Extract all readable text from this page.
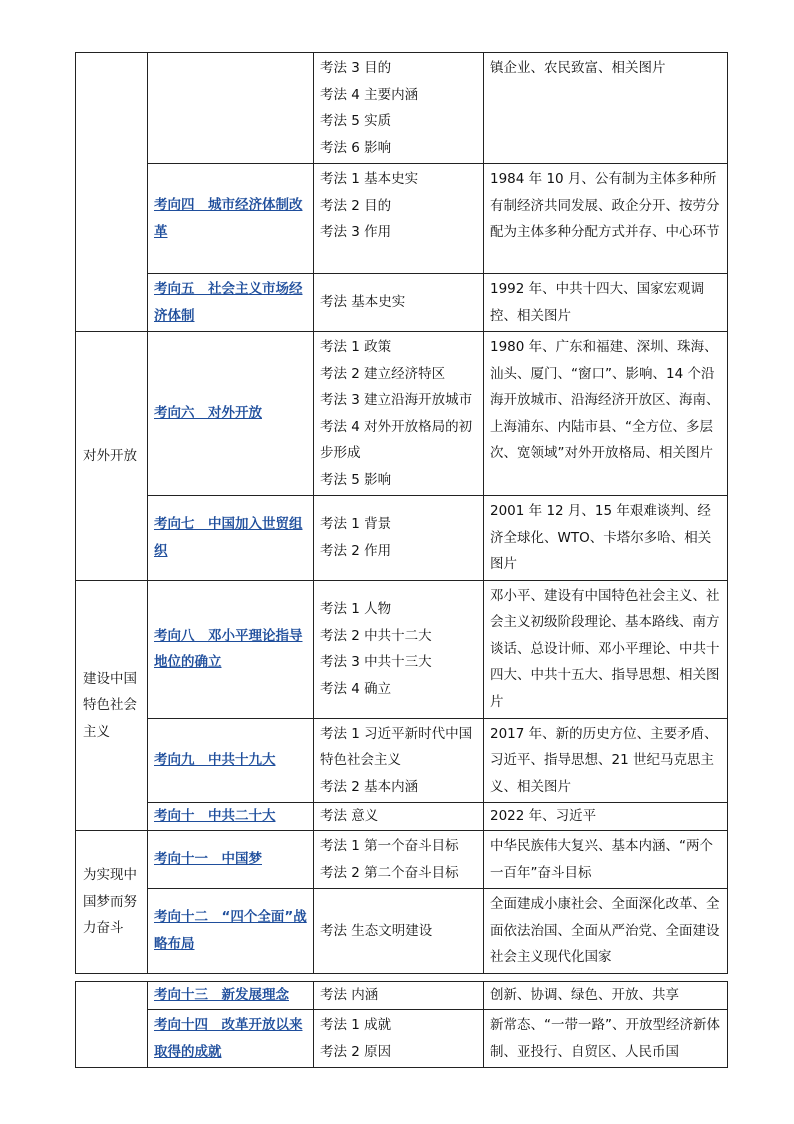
		考法 3 目的
考法 4 主要内涵
考法 5 实质
考法 6 影响	镇企业、农民致富、相关图片
	考向四　城市经济体制改革	考法 1 基本史实
考法 2 目的
考法 3 作用	1984 年 10 月、公有制为主体多种所有制经济共同发展、政企分开、按劳分配为主体多种分配方式并存、中心环节
	考向五　社会主义市场经济体制	考法 基本史实	1992 年、中共十四大、国家宏观调控、相关图片
对外开放	考向六　对外开放	考法 1 政策
考法 2 建立经济特区
考法 3 建立沿海开放城市
考法 4 对外开放格局的初步形成
考法 5 影响	1980 年、广东和福建、深圳、珠海、汕头、厦门、“窗口”、影响、14 个沿海开放城市、沿海经济开放区、海南、上海浦东、内陆市县、“全方位、多层次、宽领域”对外开放格局、相关图片
	考向七　中国加入世贸组织	考法 1 背景
考法 2 作用	2001 年 12 月、15 年艰难谈判、经济全球化、WTO、卡塔尔多哈、相关图片
建设中国特色社会主义	考向八　邓小平理论指导地位的确立	考法 1 人物
考法 2 中共十二大
考法 3 中共十三大
考法 4 确立	邓小平、建设有中国特色社会主义、社会主义初级阶段理论、基本路线、南方谈话、总设计师、邓小平理论、中共十四大、中共十五大、指导思想、相关图片
	考向九　中共十九大	考法 1 习近平新时代中国特色社会主义
考法 2 基本内涵	2017 年、新的历史方位、主要矛盾、习近平、指导思想、21 世纪马克思主义、相关图片
	考向十　中共二十大	考法 意义	2022 年、习近平
为实现中国梦而努力奋斗	考向十一　中国梦	考法 1 第一个奋斗目标
考法 2 第二个奋斗目标	中华民族伟大复兴、基本内涵、“两个一百年”奋斗目标
	考向十二　“四个全面”战略布局	考法 生态文明建设	全面建成小康社会、全面深化改革、全面依法治国、全面从严治党、全面建设社会主义现代化国家
	考向十三　新发展理念	考法 内涵	创新、协调、绿色、开放、共享
	考向十四　改革开放以来取得的成就	考法 1 成就
考法 2 原因	新常态、“一带一路”、开放型经济新体制、亚投行、自贸区、人民币国
